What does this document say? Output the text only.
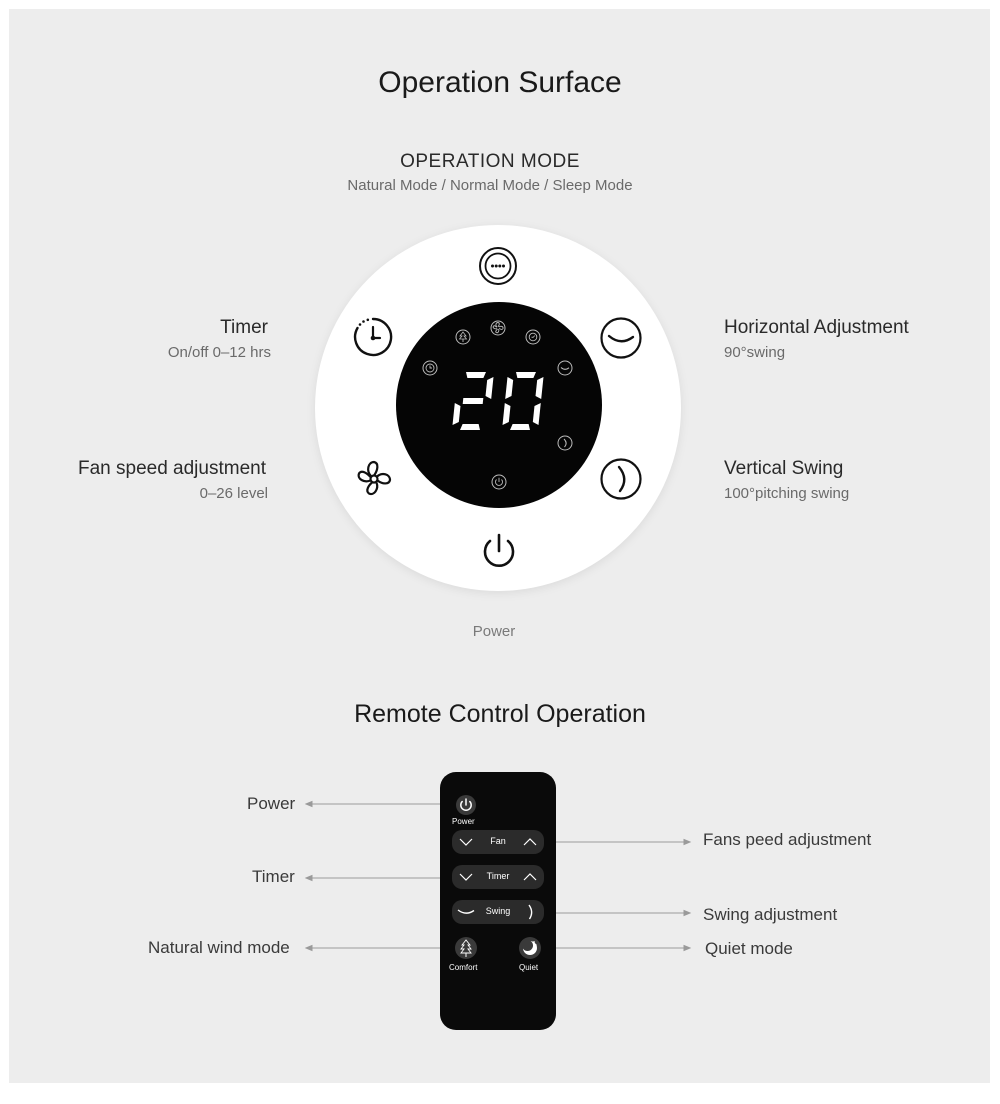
Operation Surface
OPERATION MODE
Natural Mode / Normal Mode / Sleep Mode
Timer
On/off 0–12 hrs
Fan speed adjustment
0–26 level
Horizontal Adjustment
90°swing
Vertical Swing
100°pitching swing
Power
Remote Control Operation
Power
Timer
Natural wind mode
Fans peed adjustment
Swing adjustment
Quiet mode
Power
Fan
Timer
Swing
Comfort	Quiet
